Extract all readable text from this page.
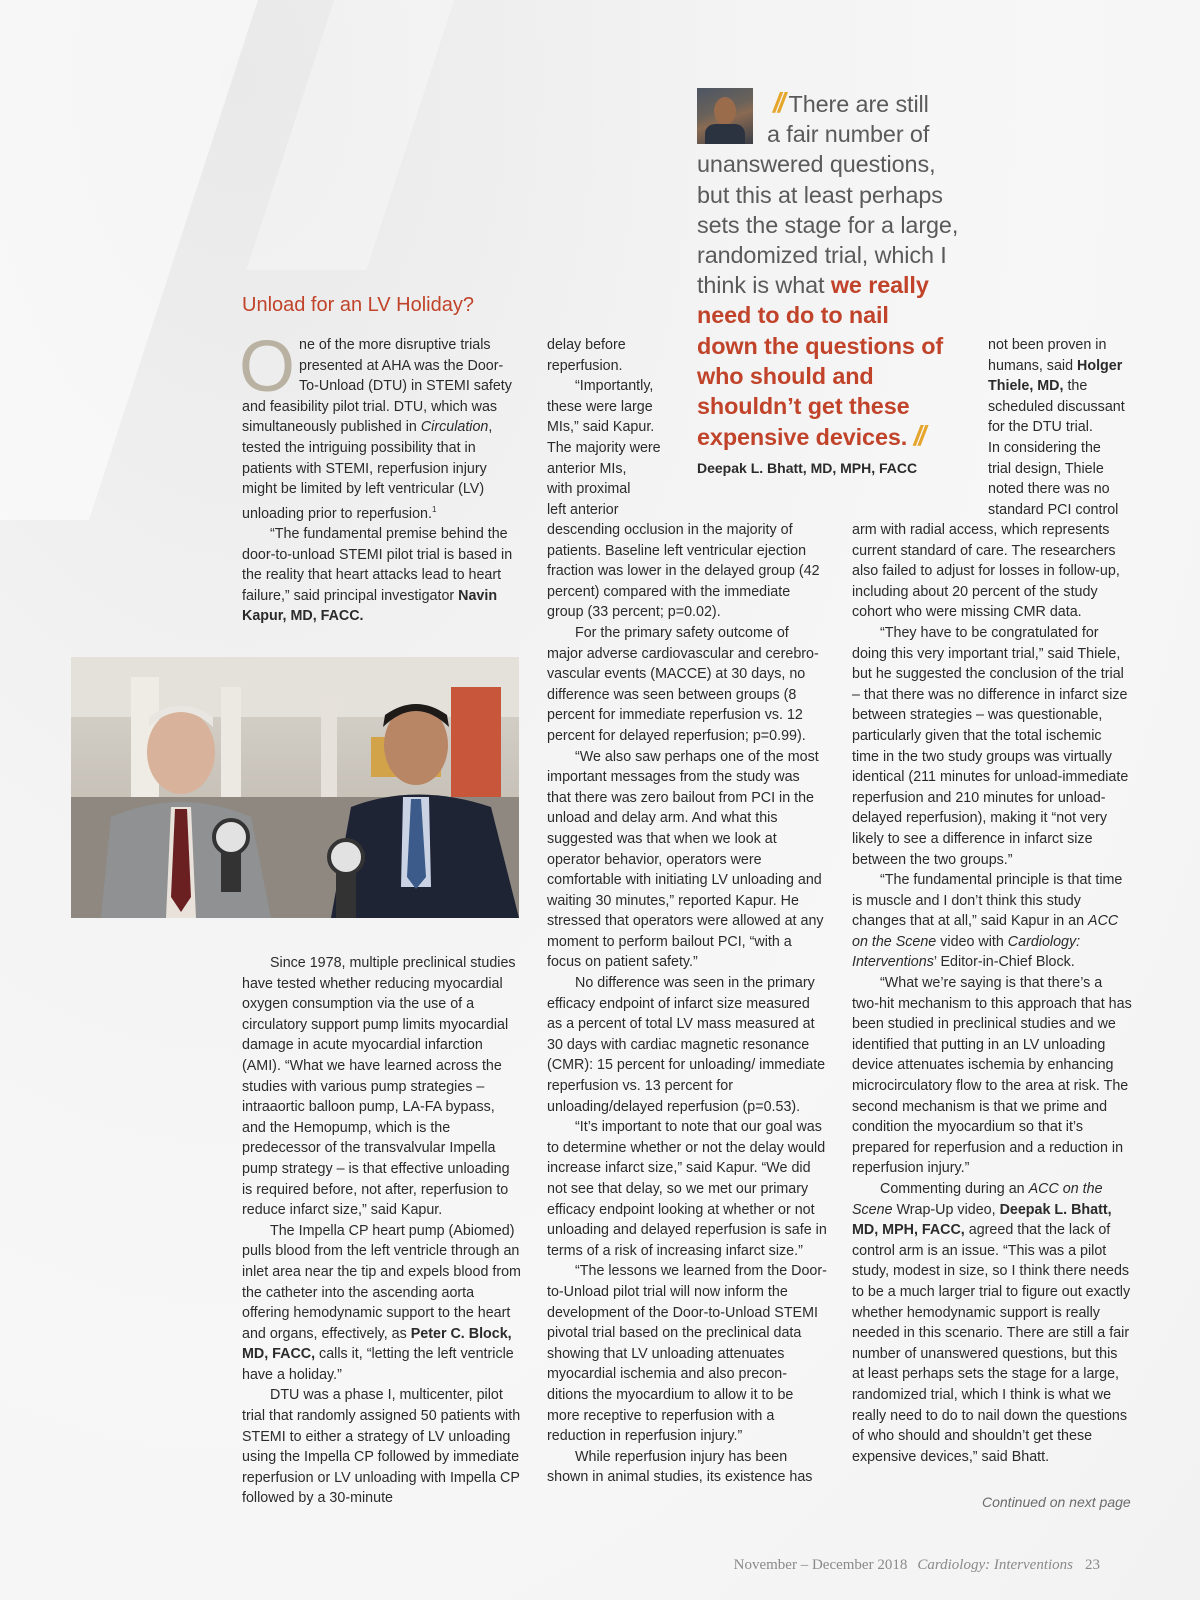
Unload for an LV Holiday?

One of the more disruptive trials presented at AHA was the Door-To-Unload (DTU) in STEMI safety and feasibility pilot trial. DTU, which was simultaneously published in Circulation, tested the intriguing possibility that in patients with STEMI, reperfusion injury might be limited by left ventricular (LV) unloading prior to reperfusion.$^1$

“The fundamental premise behind the door-to-unload STEMI pilot trial is based in the reality that heart attacks lead to heart failure,” said principal investigator Navin Kapur, MD, FACC.

Since 1978, multiple preclinical studies have tested whether reducing myocardial oxygen consumption via the use of a circulatory support pump limits myocardial damage in acute myocardial infarction (AMI). “What we have learned across the studies with various pump strategies – intraaortic balloon pump, LA-FA bypass, and the Hemopump, which is the predecessor of the transvalvular Impella pump strategy – is that effective unloading is required before, not after, reperfusion to reduce infarct size,” said Kapur.

The Impella CP heart pump (Abiomed) pulls blood from the left ventricle through an inlet area near the tip and expels blood from the catheter into the ascending aorta offering hemodynamic support to the heart and organs, effectively, as Peter C. Block, MD, FACC, calls it, “letting the left ventricle have a holiday.”

DTU was a phase I, multicenter, pilot trial that randomly assigned 50 patients with STEMI to either a strategy of LV unloading using the Impella CP followed by immediate reperfusion or LV unloading with Impella CP followed by a 30-minute

delay before
reperfusion.
“Importantly,
these were large
MIs,” said Kapur.
The majority were
anterior MIs,
with proximal
left anterior

descending occlusion in the majority of patients. Baseline left ventricular ejection fraction was lower in the delayed group (42 percent) compared with the immediate group (33 percent; p=0.02).

For the primary safety outcome of major adverse cardiovascular and cerebro-vascular events (MACCE) at 30 days, no difference was seen between groups (8 percent for immediate reperfusion vs. 12 percent for delayed reperfusion; p=0.99).

“We also saw perhaps one of the most important messages from the study was that there was zero bailout from PCI in the unload and delay arm. And what this suggested was that when we look at operator behavior, operators were comfortable with initiating LV unloading and waiting 30 minutes,” reported Kapur. He stressed that operators were allowed at any moment to perform bailout PCI, “with a focus on patient safety.”

No difference was seen in the primary efficacy endpoint of infarct size measured as a percent of total LV mass measured at 30 days with cardiac magnetic resonance (CMR): 15 percent for unloading/ immediate reperfusion vs. 13 percent for unloading/delayed reperfusion (p=0.53).

“It’s important to note that our goal was to determine whether or not the delay would increase infarct size,” said Kapur. “We did not see that delay, so we met our primary efficacy endpoint looking at whether or not unloading and delayed reperfusion is safe in terms of a risk of increasing infarct size.”

“The lessons we learned from the Door-to-Unload pilot trial will now inform the development of the Door-to-Unload STEMI pivotal trial based on the preclinical data showing that LV unloading attenuates myocardial ischemia and also precon-ditions the myocardium to allow it to be more receptive to reperfusion with a reduction in reperfusion injury.”

While reperfusion injury has been shown in animal studies, its existence has

// There are still
a fair number of
unanswered questions,
but this at least perhaps
sets the stage for a large,
randomized trial, which I
think is what we really
need to do to nail
down the questions of
who should and
shouldn’t get these
expensive devices. //
Deepak L. Bhatt, MD, MPH, FACC
not been proven in
humans, said Holger
Thiele, MD, the
scheduled discussant
for the DTU trial.
In considering the
trial design, Thiele
noted there was no
standard PCI control

arm with radial access, which represents current standard of care. The researchers also failed to adjust for losses in follow-up, including about 20 percent of the study cohort who were missing CMR data.

“They have to be congratulated for doing this very important trial,” said Thiele, but he suggested the conclusion of the trial – that there was no difference in infarct size between strategies – was questionable, particularly given that the total ischemic time in the two study groups was virtually identical (211 minutes for unload-immediate reperfusion and 210 minutes for unload-delayed reperfusion), making it “not very likely to see a difference in infarct size between the two groups.”

“The fundamental principle is that time is muscle and I don’t think this study changes that at all,” said Kapur in an ACC on the Scene video with Cardiology: Interventions’ Editor-in-Chief Block.

“What we’re saying is that there’s a two-hit mechanism to this approach that has been studied in preclinical studies and we identified that putting in an LV unloading device attenuates ischemia by enhancing microcirculatory flow to the area at risk. The second mechanism is that we prime and condition the myocardium so that it’s prepared for reperfusion and a reduction in reperfusion injury.”

Commenting during an ACC on the Scene Wrap-Up video, Deepak L. Bhatt, MD, MPH, FACC, agreed that the lack of control arm is an issue. “This was a pilot study, modest in size, so I think there needs to be a much larger trial to figure out exactly whether hemodynamic support is really needed in this scenario. There are still a fair number of unanswered questions, but this at least perhaps sets the stage for a large, randomized trial, which I think is what we really need to do to nail down the questions of who should and shouldn’t get these expensive devices,” said Bhatt.

Continued on next page
November – December 2018 Cardiology: Interventions 23
